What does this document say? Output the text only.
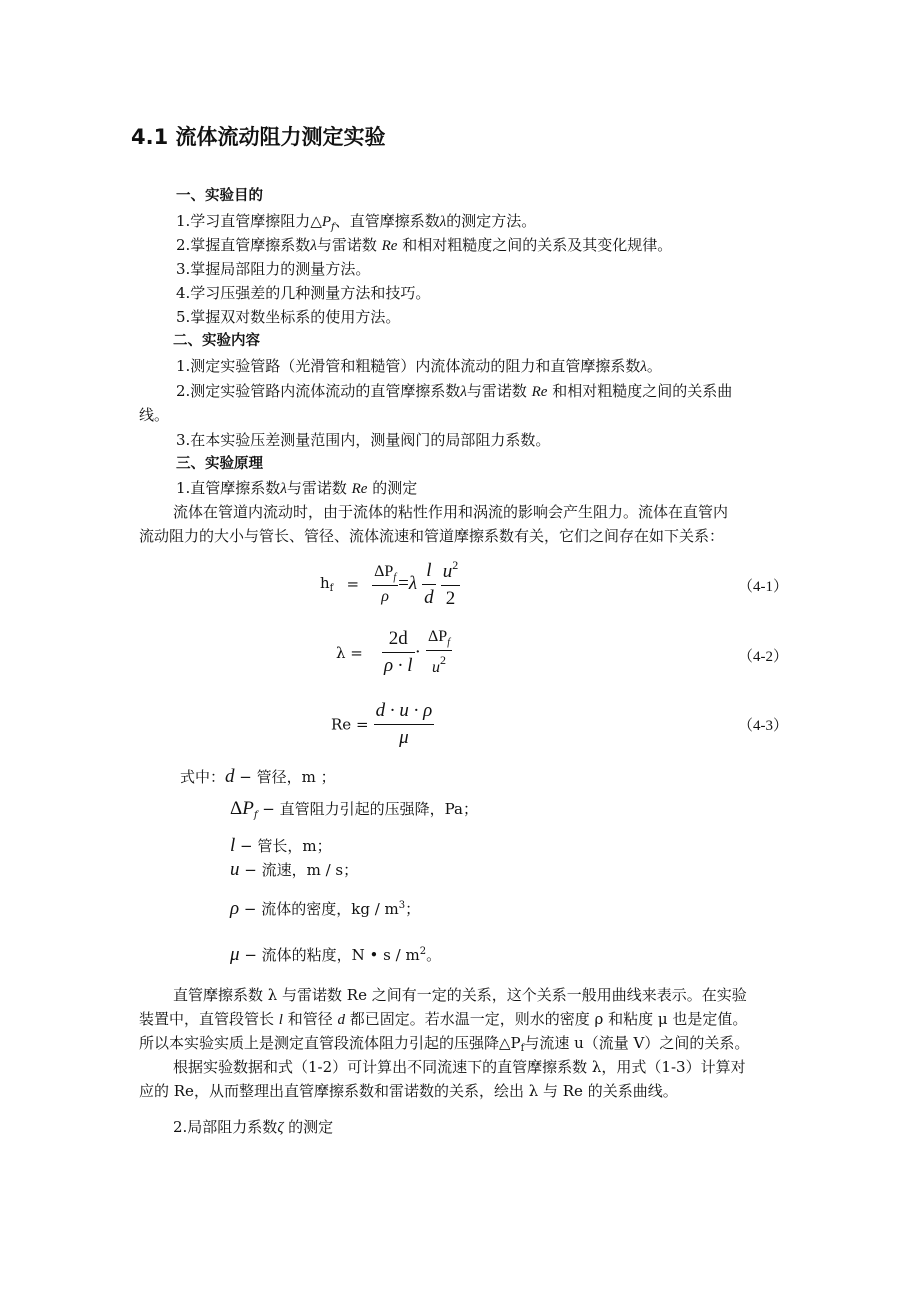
4.1 流体流动阻力测定实验
一、实验目的
1.学习直管摩擦阻力$\triangle P_f$、直管摩擦系数λ的测定方法。
2.掌握直管摩擦系数λ与雷诺数 Re 和相对粗糙度之间的关系及其变化规律。
3.掌握局部阻力的测量方法。
4.学习压强差的几种测量方法和技巧。
5.掌握双对数坐标系的使用方法。
二、实验内容
1.测定实验管路（光滑管和粗糙管）内流体流动的阻力和直管摩擦系数λ。
2.测定实验管路内流体流动的直管摩擦系数λ与雷诺数 Re 和相对粗糙度之间的关系曲
线。
3.在本实验压差测量范围内，测量阀门的局部阻力系数。
三、实验原理
1.直管摩擦系数λ与雷诺数 Re 的测定
流体在管道内流动时，由于流体的粘性作用和涡流的影响会产生阻力。流体在直管内
流动阻力的大小与管长、管径、流体流速和管道摩擦系数有关，它们之间存在如下关系：
$h_f = \frac{\Delta P_f}{\rho} =\lambda \frac{l}{d}$
$\frac{u^2}{2}$	（4-1）
$\lambda = \frac{2d}{\rho \cdot l} \cdot \frac{\Delta P_f}{u^2}$	（4-2）
$Re = \frac{d \cdot u \cdot \rho}{\mu}$	（4-3）
式中：d − 管径，m ；
$\Delta P_f$ − 直管阻力引起的压强降，Pa；
l − 管长，m；
u − 流速，m / s；
ρ − 流体的密度，kg / $m^3$；
μ − 流体的粘度，N • s / $m^2$。
直管摩擦系数 λ 与雷诺数 Re 之间有一定的关系，这个关系一般用曲线来表示。在实验
装置中，直管段管长 l 和管径 d 都已固定。若水温一定，则水的密度 ρ 和粘度 μ 也是定值。
所以本实验实质上是测定直管段流体阻力引起的压强降$\triangle P_f$与流速 u（流量 V）之间的关系。
根据实验数据和式（1-2）可计算出不同流速下的直管摩擦系数 λ，用式（1-3）计算对
应的 Re，从而整理出直管摩擦系数和雷诺数的关系，绘出 λ 与 Re 的关系曲线。
2.局部阻力系数ζ 的测定
